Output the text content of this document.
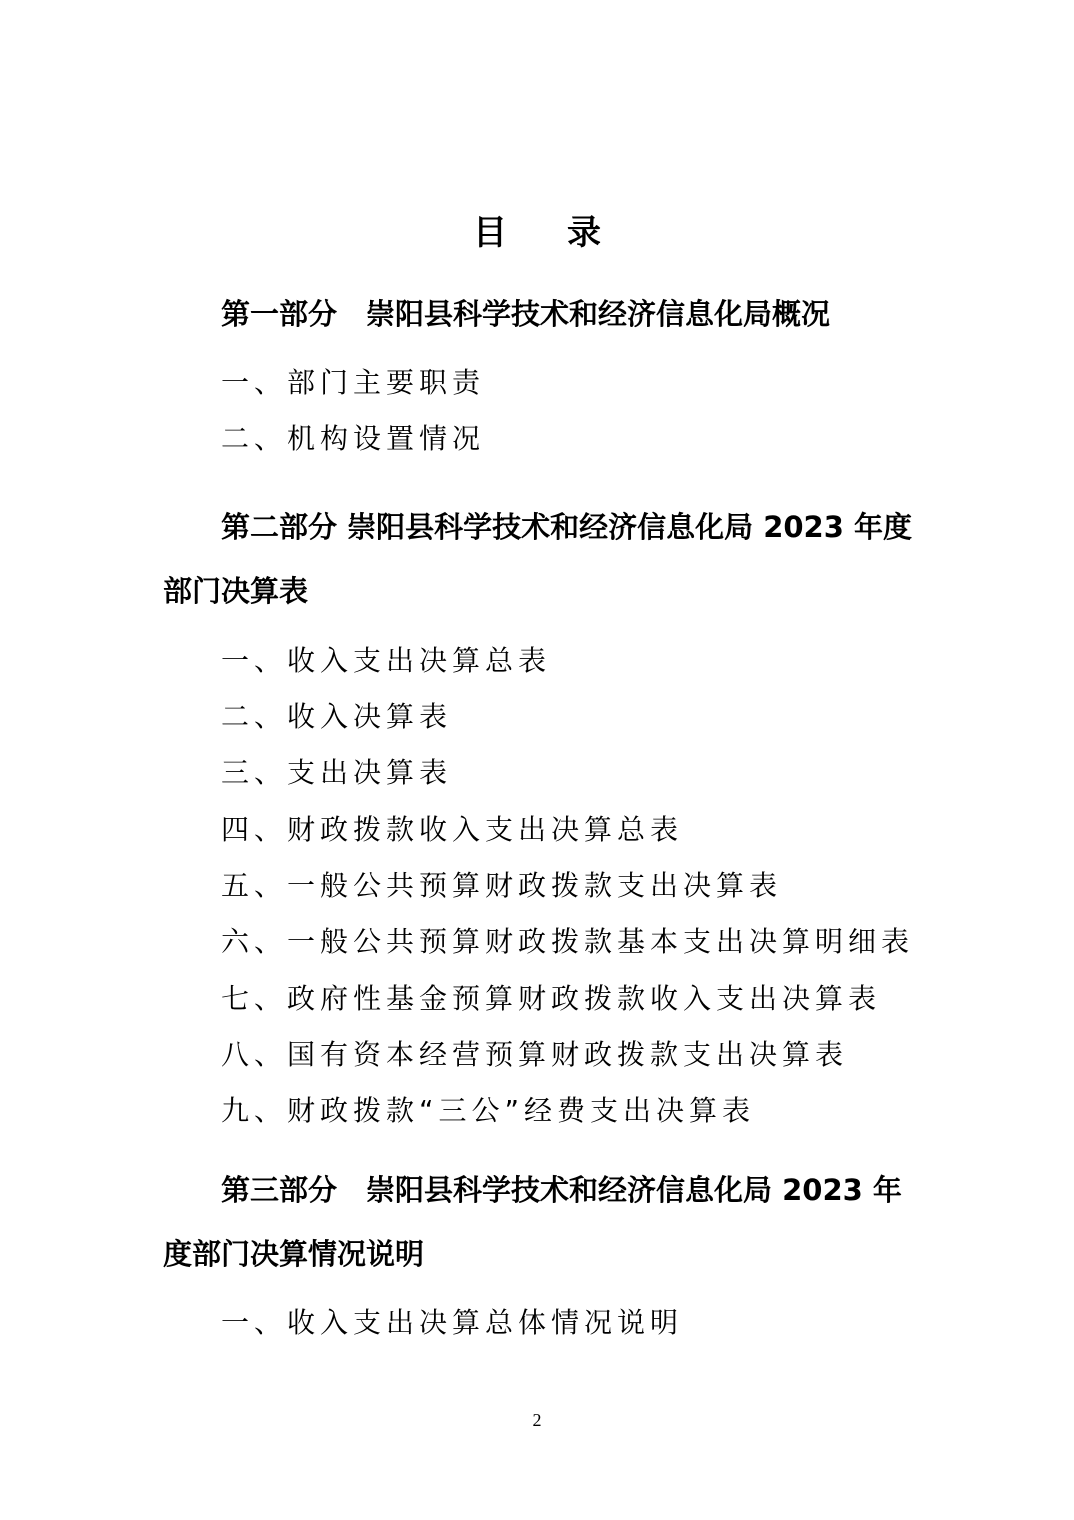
目录
第一部分　崇阳县科学技术和经济信息化局概况
一、部门主要职责
二、机构设置情况
第二部分 崇阳县科学技术和经济信息化局 2023 年度部门决算表
一、收入支出决算总表
二、收入决算表
三、支出决算表
四、财政拨款收入支出决算总表
五、一般公共预算财政拨款支出决算表
六、一般公共预算财政拨款基本支出决算明细表
七、政府性基金预算财政拨款收入支出决算表
八、国有资本经营预算财政拨款支出决算表
九、财政拨款“三公”经费支出决算表
第三部分　崇阳县科学技术和经济信息化局 2023 年度部门决算情况说明
一、收入支出决算总体情况说明
2
